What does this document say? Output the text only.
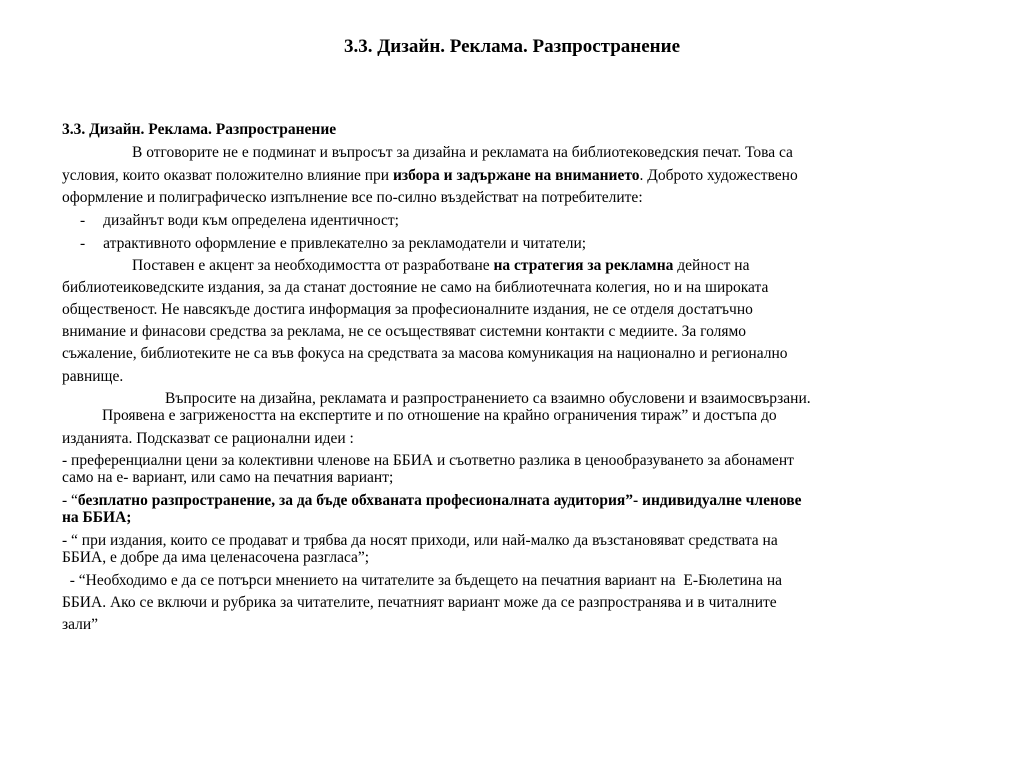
3.3. Дизайн. Реклама. Разпространение

3.3. Дизайн. Реклама. Разпространение

В отговорите не е подминат и въпросът за дизайна и рекламата на библиотековедския печат. Това са

условия, които оказват положително влияние при избора и задържане на вниманието. Доброто художествено

оформление и полиграфическо изпълнение все по-силно въздействат на потребителите:

- дизайнът води към определена идентичност;

- атрактивното оформление е привлекателно за рекламодатели и читатели;

Поставен е акцент за необходимостта от разработване на стратегия за рекламна дейност на

библиотеиковедските издания, за да станат достояние не само на библиотечната колегия, но и на широката

общественост. Не навсякъде достига информация за професионалните издания, не се отделя достатъчно

внимание и финасови средства за реклама, не се осъществяват системни контакти с медиите. За голямо

съжаление, библиотеките не са във фокуса на средствата за масова комуникация на национално и регионално

равнище.

Въпросите на дизайна, рекламата и разпространението са взаимно обусловени и взаимосвързани.

Проявена е загрижеността на експертите и по отношение на крайно ограничения тираж” и достъпа до

изданията. Подсказват се рационални идеи :

- преференциални цени за колективни членове на ББИА и съответно разлика в ценообразуването за абонамент

само на е- вариант, или само на печатния вариант;

- “безплатно разпространение, за да бъде обхваната професионалната аудитория”- индивидуалне членове

на ББИА;

- “ при издания, които се продават и трябва да носят приходи, или най-малко да възстановяват средствата на

ББИА, е добре да има целенасочена разгласа”;

- “Необходимо е да се потърси мнението на читателите за бъдещето на печатния вариант на  Е-Бюлетина на

ББИА. Ако се включи и рубрика за читателите, печатният вариант може да се разпространява и в читалните

зали”
